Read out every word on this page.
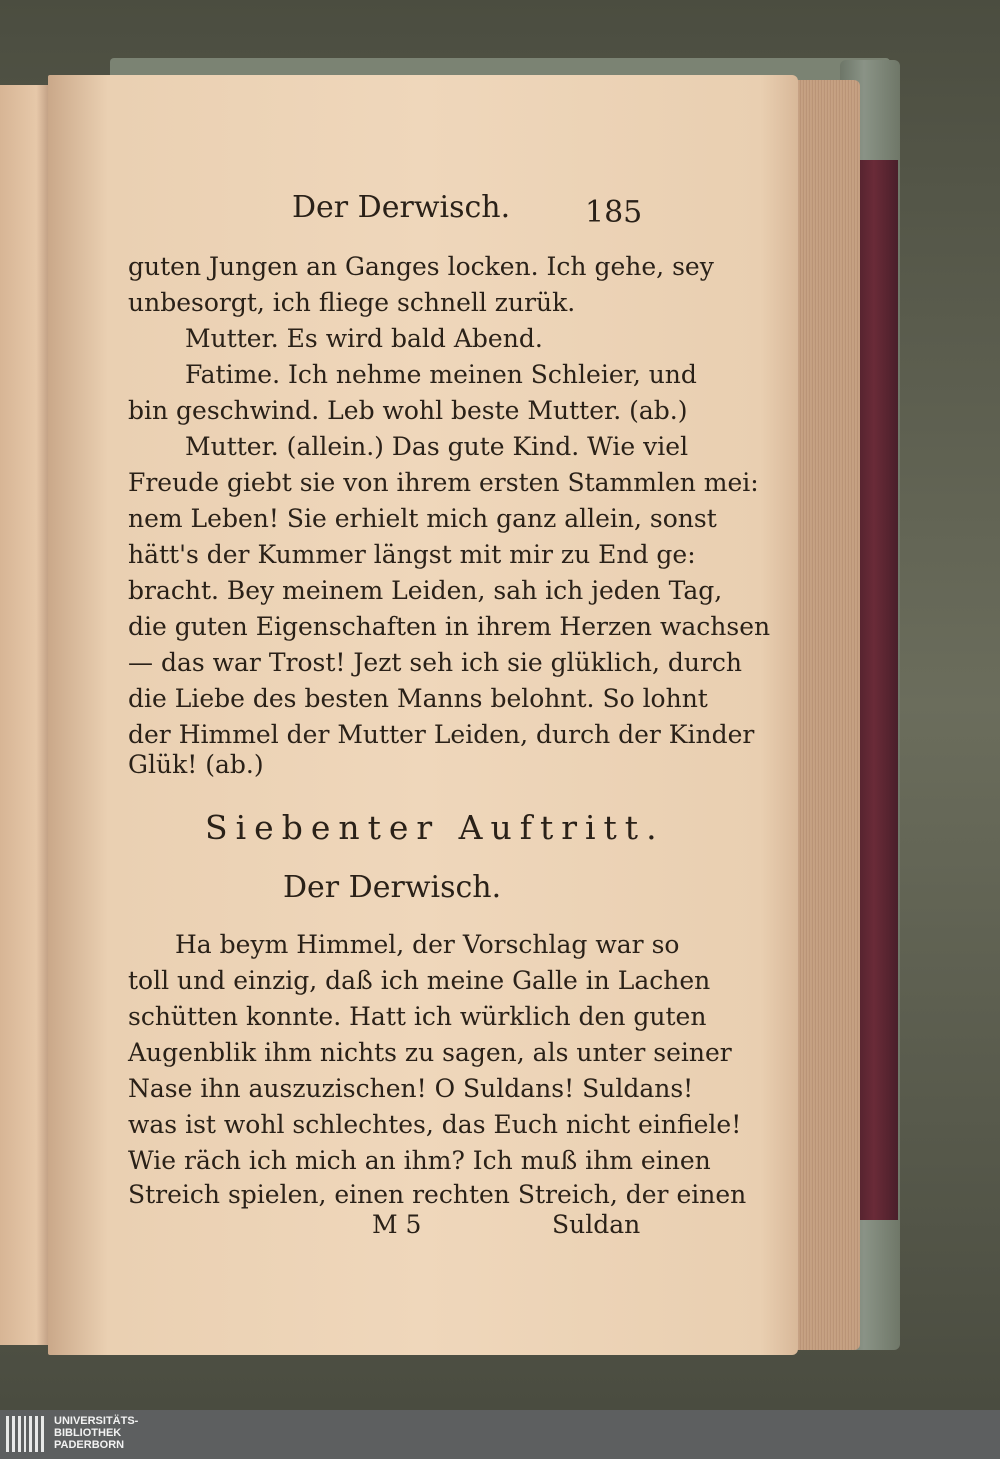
Der Derwisch. 185
guten Jungen an Ganges locken. Ich gehe, sey
unbesorgt, ich fliege schnell zurük.
Mutter. Es wird bald Abend.
Fatime. Ich nehme meinen Schleier, und
bin geschwind. Leb wohl beste Mutter. (ab.)
Mutter. (allein.) Das gute Kind. Wie viel
Freude giebt sie von ihrem ersten Stammlen mei:
nem Leben! Sie erhielt mich ganz allein, sonst
hätt's der Kummer längst mit mir zu End ge:
bracht. Bey meinem Leiden, sah ich jeden Tag,
die guten Eigenschaften in ihrem Herzen wachsen
— das war Trost! Jezt seh ich sie glüklich, durch
die Liebe des besten Manns belohnt. So lohnt
der Himmel der Mutter Leiden, durch der Kinder
Glük! (ab.)
Siebenter Auftritt.
Der Derwisch.
Ha beym Himmel, der Vorschlag war so
toll und einzig, daß ich meine Galle in Lachen
schütten konnte. Hatt ich würklich den guten
Augenblik ihm nichts zu sagen, als unter seiner
Nase ihn auszuzischen! O Suldans! Suldans!
was ist wohl schlechtes, das Euch nicht einfiele!
Wie räch ich mich an ihm? Ich muß ihm einen
Streich spielen, einen rechten Streich, der einen
M 5	Suldan
UNIVERSITÄTS-
BIBLIOTHEK
PADERBORN
